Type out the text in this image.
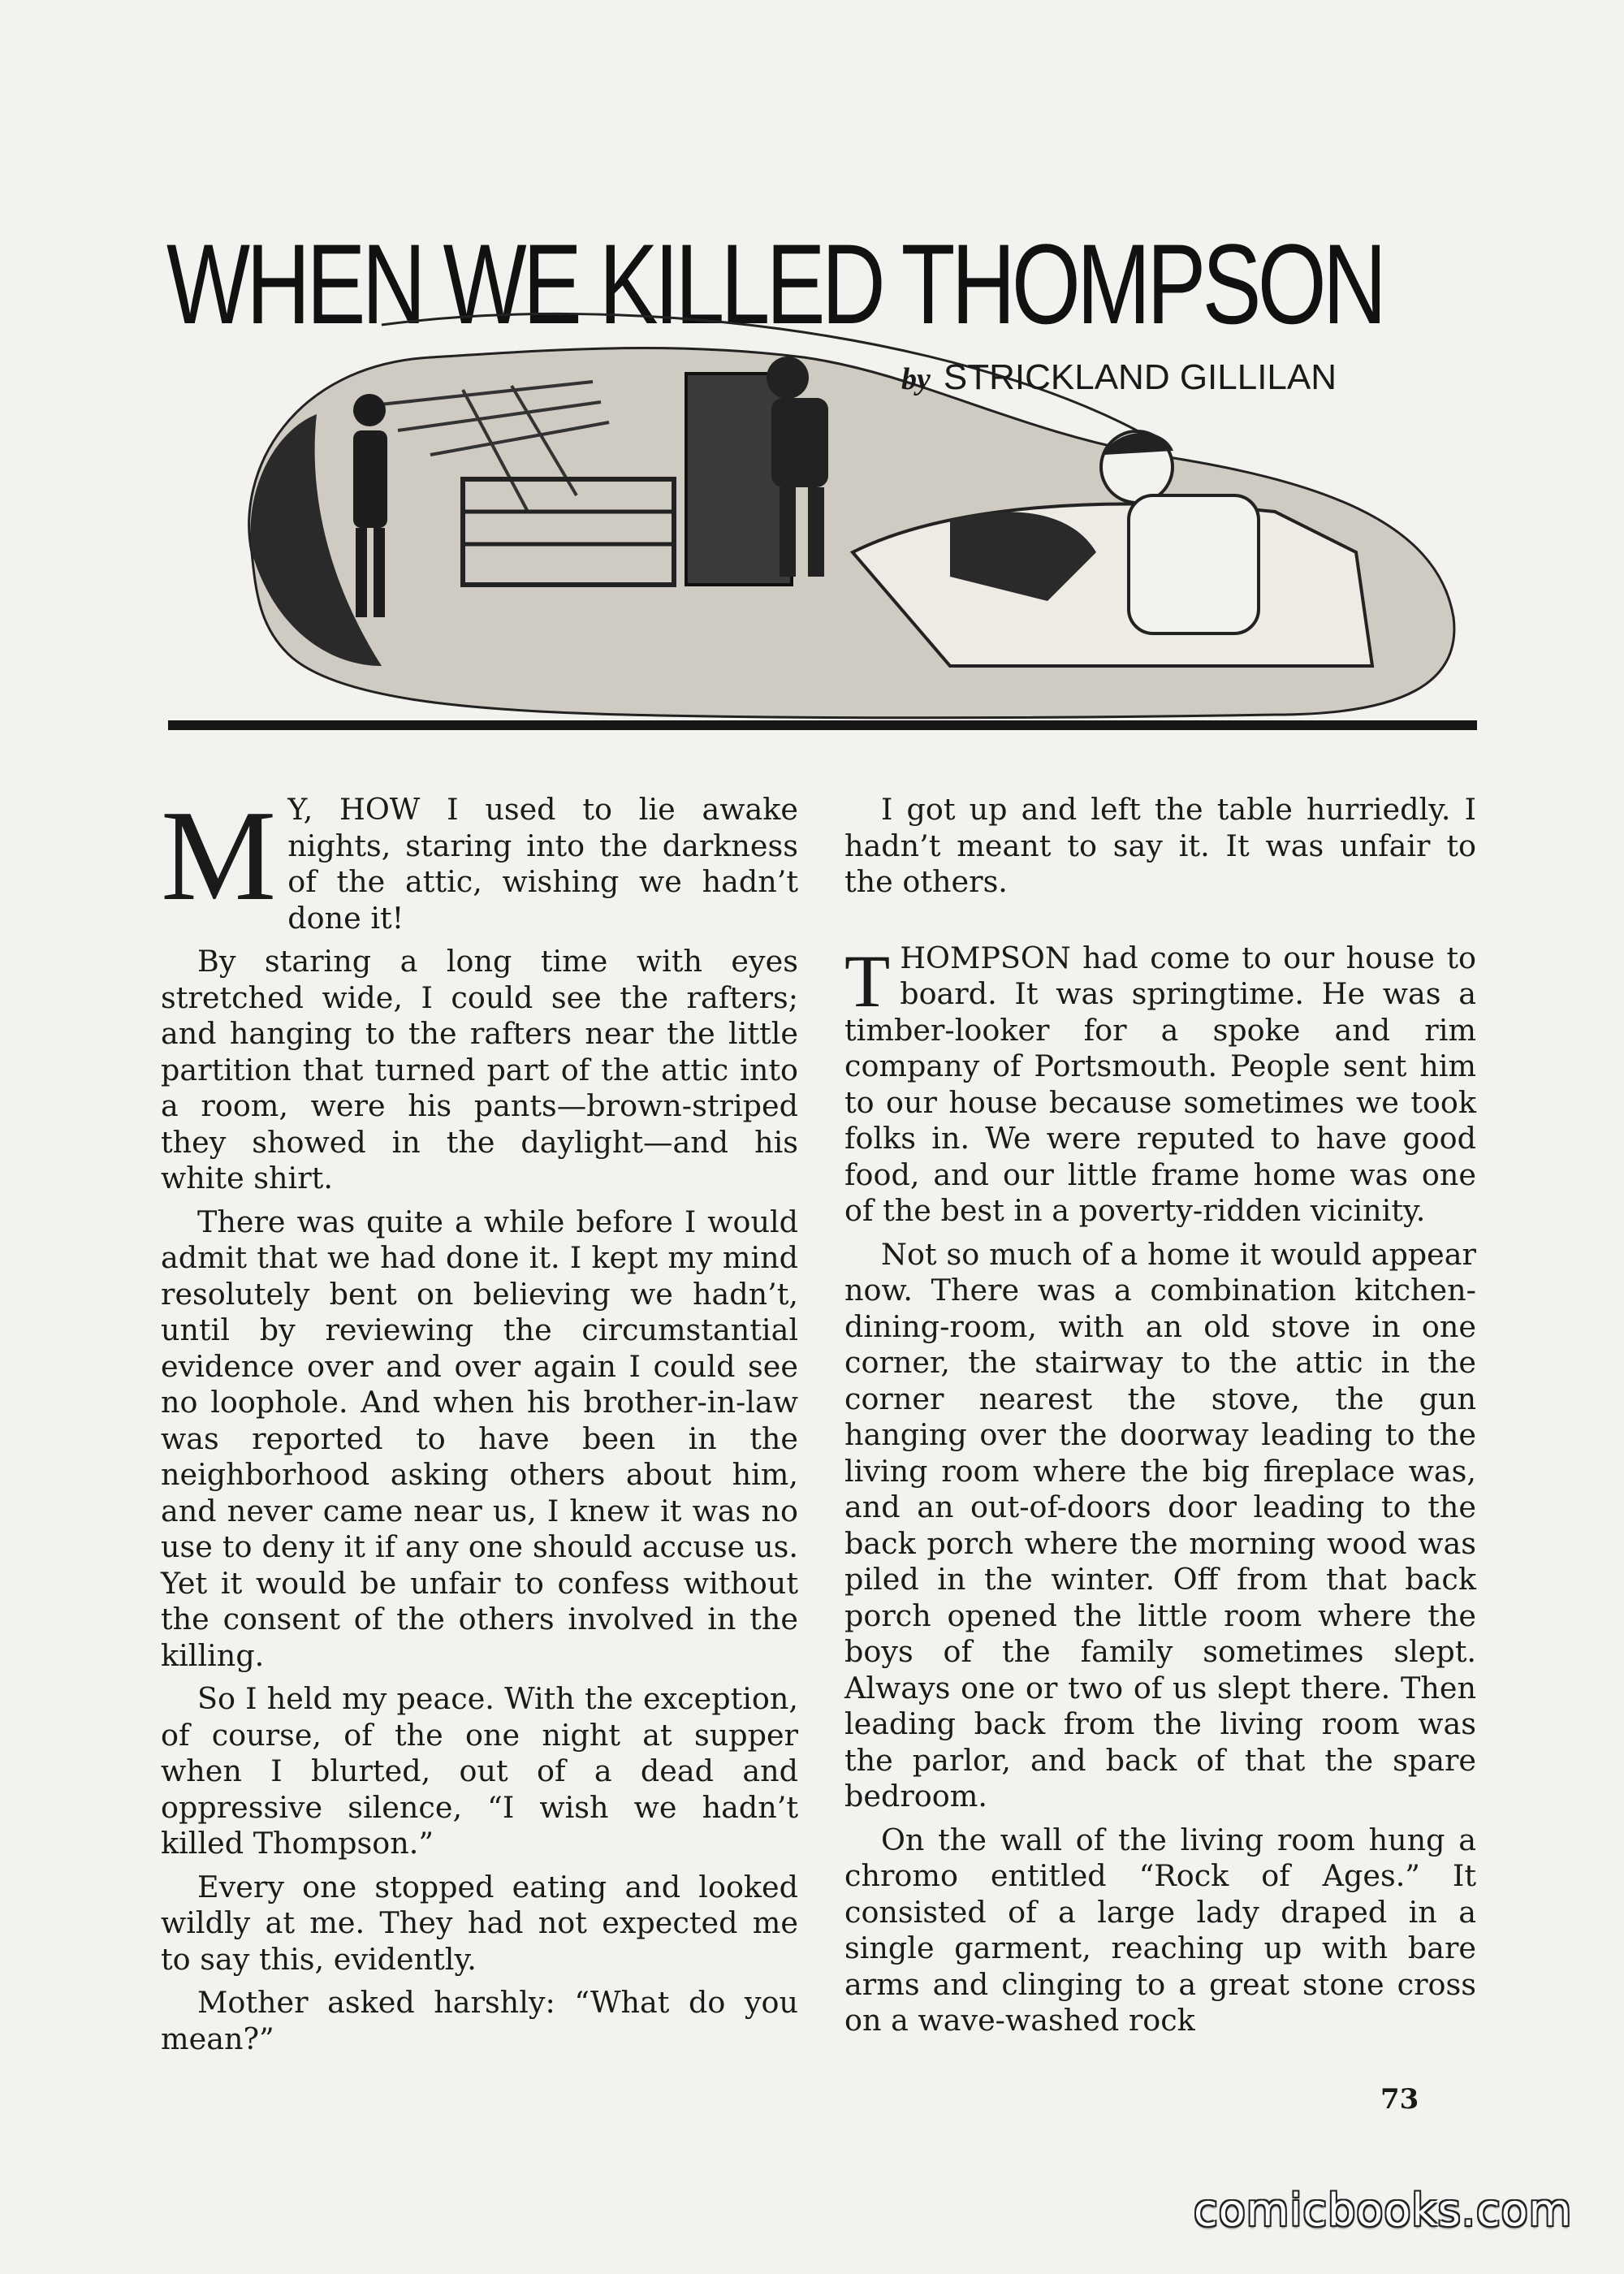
WHEN WE KILLED THOMPSON
by STRICKLAND GILLILAN

M Y, HOW I used to lie awake nights, staring into the darkness of the attic, wishing we hadn’t done it!

By staring a long time with eyes stretched wide, I could see the rafters; and hanging to the rafters near the little partition that turned part of the attic into a room, were his pants—brown-striped they showed in the daylight—and his white shirt.

There was quite a while before I would admit that we had done it. I kept my mind resolutely bent on believing we hadn’t, until by reviewing the circumstantial evidence over and over again I could see no loophole. And when his brother-in-law was reported to have been in the neighborhood asking others about him, and never came near us, I knew it was no use to deny it if any one should accuse us. Yet it would be unfair to confess without the consent of the others involved in the killing.

So I held my peace. With the exception, of course, of the one night at supper when I blurted, out of a dead and oppressive silence, “I wish we hadn’t killed Thompson.”

Every one stopped eating and looked wildly at me. They had not expected me to say this, evidently.

Mother asked harshly: “What do you mean?”

I got up and left the table hurriedly. I hadn’t meant to say it. It was unfair to the others.

THOMPSON had come to our house to board. It was springtime. He was a timber-looker for a spoke and rim company of Portsmouth. People sent him to our house because sometimes we took folks in. We were reputed to have good food, and our little frame home was one of the best in a poverty-ridden vicinity.

Not so much of a home it would appear now. There was a combination kitchen-dining-room, with an old stove in one corner, the stairway to the attic in the corner nearest the stove, the gun hanging over the doorway leading to the living room where the big fireplace was, and an out-of-doors door leading to the back porch where the morning wood was piled in the winter. Off from that back porch opened the little room where the boys of the family sometimes slept. Always one or two of us slept there. Then leading back from the living room was the parlor, and back of that the spare bedroom.

On the wall of the living room hung a chromo entitled “Rock of Ages.” It consisted of a large lady draped in a single garment, reaching up with bare arms and clinging to a great stone cross on a wave-washed rock

73
comicbooks.com
